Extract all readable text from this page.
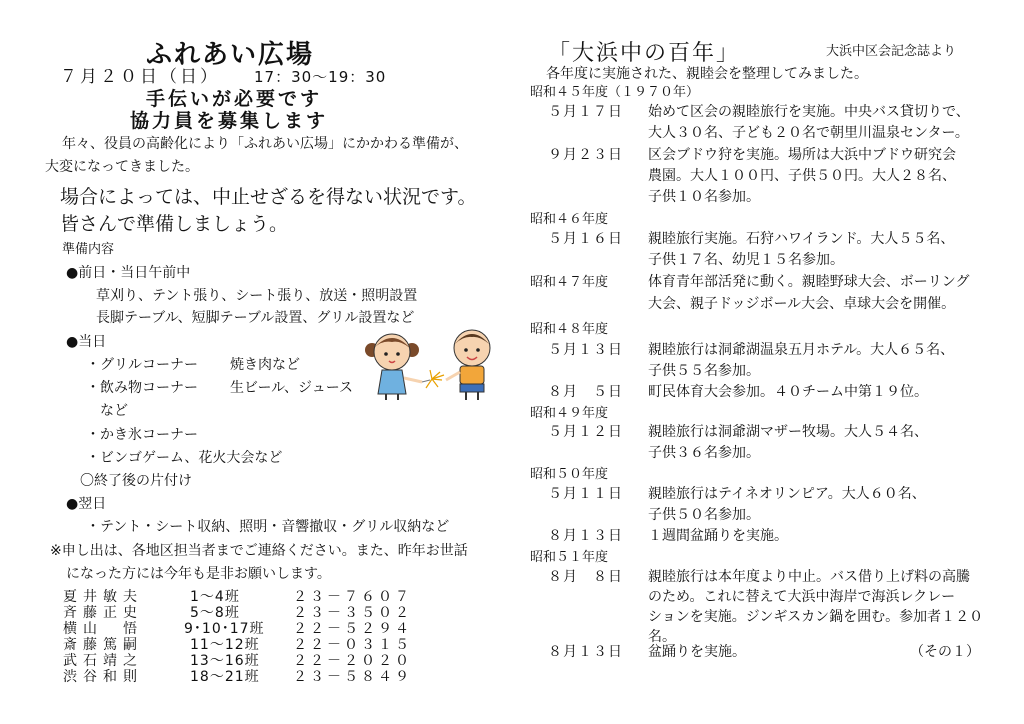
ふれあい広場
７月２０日（日） 17：30～19：30
手伝いが必要です
協力員を募集します
年々、役員の高齢化により「ふれあい広場」にかかわる準備が、
大変になってきました。
場合によっては、中止せざるを得ない状況です。
皆さんで準備しましょう。
準備内容
●前日・当日午前中
草刈り、テント張り、シート張り、放送・照明設置
長脚テーブル、短脚テーブル設置、グリル設置など
●当日
・グリルコーナー 焼き肉など
・飲み物コーナー 生ビール、ジュース
　など
・かき氷コーナー
・ビンゴゲーム、花火大会など
〇終了後の片付け
●翌日
・テント・シート収納、照明・音響撤収・グリル収納など
※申し出は、各地区担当者までご連絡ください。また、昨年お世話
になった方には今年も是非お願いします。
夏井敏夫	1～4班	２３－７６０７
斉藤正史	5～8班	２３－３５０２
横山　悟	9･10･17班 ２２－５２９４
斎藤篤嗣	11～12班 ２２－０３１５
武石靖之	13～16班 ２２－２０２０
渋谷和則	18～21班 ２３－５８４９
「大浜中の百年」	大浜中区会記念誌より
各年度に実施された、親睦会を整理してみました。
昭和４５年度（１９７０年）
５月１７日 始めて区会の親睦旅行を実施。中央バス貸切りで、
大人３０名、子ども２０名で朝里川温泉センター。
９月２３日 区会ブドウ狩を実施。場所は大浜中ブドウ研究会
農園。大人１００円、子供５０円。大人２８名、
子供１０名参加。
昭和４６年度
５月１６日 親睦旅行実施。石狩ハワイランド。大人５５名、
子供１７名、幼児１５名参加。
昭和４７年度	体育青年部活発に動く。親睦野球大会、ボーリング
大会、親子ドッジボール大会、卓球大会を開催。
昭和４８年度
５月１３日 親睦旅行は洞爺湖温泉五月ホテル。大人６５名、
子供５５名参加。
８月　５日 町民体育大会参加。４０チーム中第１９位。
昭和４９年度
５月１２日 親睦旅行は洞爺湖マザー牧場。大人５４名、
子供３６名参加。
昭和５０年度
５月１１日 親睦旅行はテイネオリンピア。大人６０名、
子供５０名参加。
８月１３日 １週間盆踊りを実施。
昭和５１年度
８月　８日 親睦旅行は本年度より中止。バス借り上げ料の高騰
のため。これに替えて大浜中海岸で海浜レクレー
ションを実施。ジンギスカン鍋を囲む。参加者１２０
名。
８月１３日 盆踊りを実施。	（その１）
